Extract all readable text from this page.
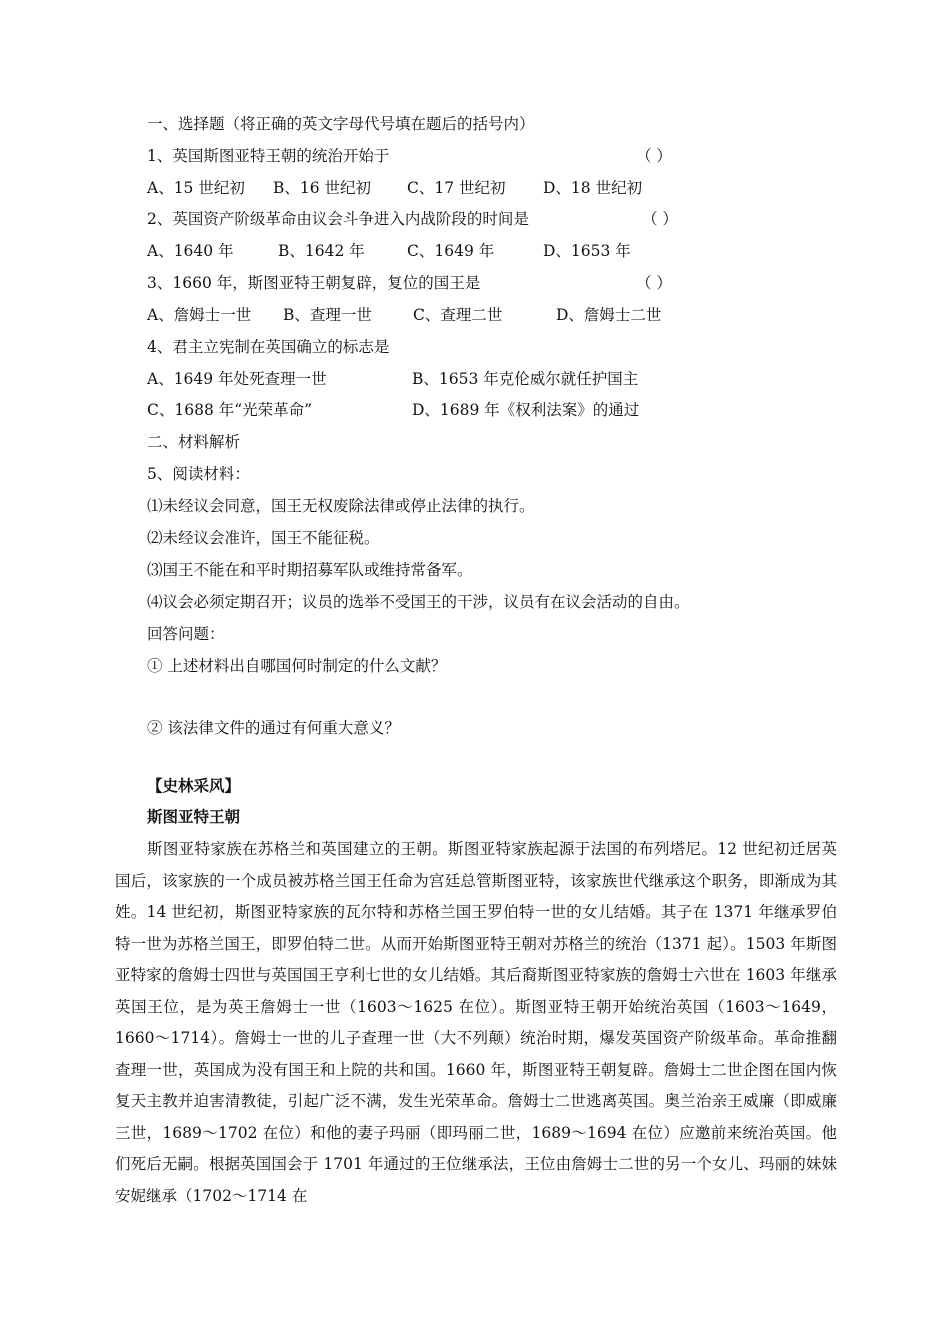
一、选择题（将正确的英文字母代号填在题后的括号内）
1、英国斯图亚特王朝的统治开始于	（ ）
A、15 世纪初 B、16 世纪初 C、17 世纪初 D、18 世纪初
2、英国资产阶级革命由议会斗争进入内战阶段的时间是	（ ）
A、1640 年	B、1642 年	C、1649 年	D、1653 年
3、1660 年，斯图亚特王朝复辟，复位的国王是	（ ）
A、詹姆士一世 B、查理一世	C、查理二世	D、詹姆士二世
4、君主立宪制在英国确立的标志是
A、1649 年处死查理一世	B、1653 年克伦威尔就任护国主
C、1688 年“光荣革命”	D、1689 年《权利法案》的通过
二、材料解析
5、阅读材料：
⑴未经议会同意，国王无权废除法律或停止法律的执行。
⑵未经议会准许，国王不能征税。
⑶国王不能在和平时期招募军队或维持常备军。
⑷议会必须定期召开；议员的选举不受国王的干涉，议员有在议会活动的自由。
回答问题：
① 上述材料出自哪国何时制定的什么文献？
② 该法律文件的通过有何重大意义？
【史林采风】
斯图亚特王朝
斯图亚特家族在苏格兰和英国建立的王朝。斯图亚特家族起源于法国的布列塔尼。12 世纪初迁居英国后，该家族的一个成员被苏格兰国王任命为宫廷总管斯图亚特，该家族世代继承这个职务，即渐成为其姓。14 世纪初，斯图亚特家族的瓦尔特和苏格兰国王罗伯特一世的女儿结婚。其子在 1371 年继承罗伯特一世为苏格兰国王，即罗伯特二世。从而开始斯图亚特王朝对苏格兰的统治（1371 起）。1503 年斯图亚特家的詹姆士四世与英国国王亨利七世的女儿结婚。其后裔斯图亚特家族的詹姆士六世在 1603 年继承英国王位，是为英王詹姆士一世（1603～1625 在位）。斯图亚特王朝开始统治英国（1603～1649，1660～1714）。詹姆士一世的儿子查理一世（大不列颠）统治时期，爆发英国资产阶级革命。革命推翻查理一世，英国成为没有国王和上院的共和国。1660 年，斯图亚特王朝复辟。詹姆士二世企图在国内恢复天主教并迫害清教徒，引起广泛不满，发生光荣革命。詹姆士二世逃离英国。奥兰治亲王威廉（即威廉三世，1689～1702 在位）和他的妻子玛丽（即玛丽二世，1689～1694 在位）应邀前来统治英国。他们死后无嗣。根据英国国会于 1701 年通过的王位继承法，王位由詹姆士二世的另一个女儿、玛丽的妹妹安妮继承（1702～1714 在
